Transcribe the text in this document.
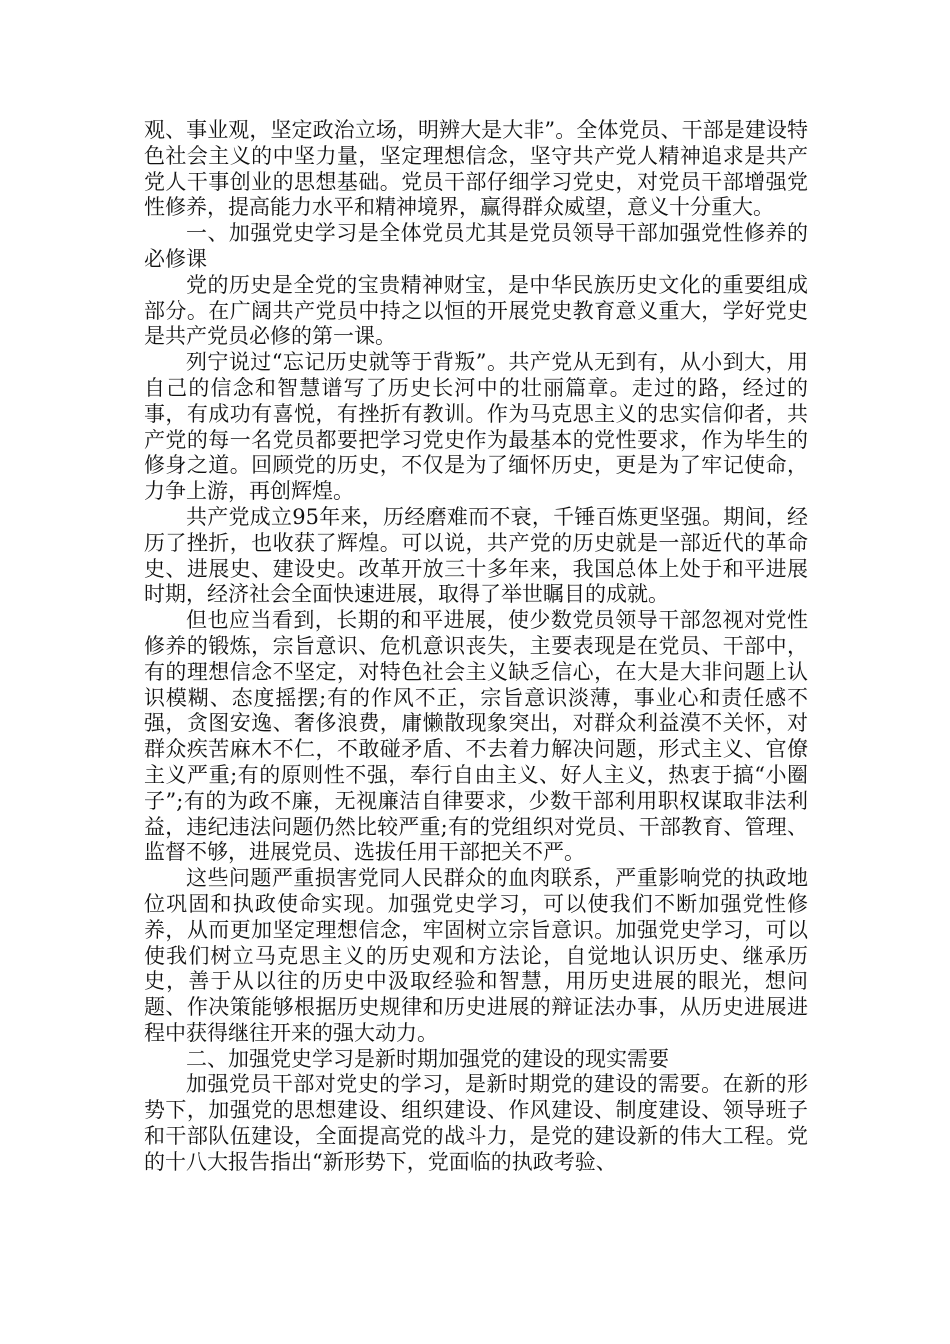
观、事业观，坚定政治立场，明辨大是大非”。全体党员、干部是建设特色社会主义的中坚力量，坚定理想信念，坚守共产党人精神追求是共产党人干事创业的思想基础。党员干部仔细学习党史，对党员干部增强党性修养，提高能力水平和精神境界，赢得群众威望，意义十分重大。

一、加强党史学习是全体党员尤其是党员领导干部加强党性修养的必修课

党的历史是全党的宝贵精神财宝，是中华民族历史文化的重要组成部分。在广阔共产党员中持之以恒的开展党史教育意义重大，学好党史是共产党员必修的第一课。

列宁说过“忘记历史就等于背叛”。共产党从无到有，从小到大，用自己的信念和智慧谱写了历史长河中的壮丽篇章。走过的路，经过的事，有成功有喜悦，有挫折有教训。作为马克思主义的忠实信仰者，共产党的每一名党员都要把学习党史作为最基本的党性要求，作为毕生的修身之道。回顾党的历史，不仅是为了缅怀历史，更是为了牢记使命，力争上游，再创辉煌。

共产党成立95年来，历经磨难而不衰，千锤百炼更坚强。期间，经历了挫折，也收获了辉煌。可以说，共产党的历史就是一部近代的革命史、进展史、建设史。改革开放三十多年来，我国总体上处于和平进展时期，经济社会全面快速进展，取得了举世瞩目的成就。

但也应当看到，长期的和平进展，使少数党员领导干部忽视对党性修养的锻炼，宗旨意识、危机意识丧失，主要表现是在党员、干部中，有的理想信念不坚定，对特色社会主义缺乏信心，在大是大非问题上认识模糊、态度摇摆;有的作风不正，宗旨意识淡薄，事业心和责任感不强，贪图安逸、奢侈浪费，庸懒散现象突出，对群众利益漠不关怀，对群众疾苦麻木不仁，不敢碰矛盾、不去着力解决问题，形式主义、官僚主义严重;有的原则性不强，奉行自由主义、好人主义，热衷于搞“小圈子”;有的为政不廉，无视廉洁自律要求，少数干部利用职权谋取非法利益，违纪违法问题仍然比较严重;有的党组织对党员、干部教育、管理、监督不够，进展党员、选拔任用干部把关不严。

这些问题严重损害党同人民群众的血肉联系，严重影响党的执政地位巩固和执政使命实现。加强党史学习，可以使我们不断加强党性修养，从而更加坚定理想信念，牢固树立宗旨意识。加强党史学习，可以使我们树立马克思主义的历史观和方法论，自觉地认识历史、继承历史，善于从以往的历史中汲取经验和智慧，用历史进展的眼光，想问题、作决策能够根据历史规律和历史进展的辩证法办事，从历史进展进程中获得继往开来的强大动力。

二、加强党史学习是新时期加强党的建设的现实需要

加强党员干部对党史的学习，是新时期党的建设的需要。在新的形势下，加强党的思想建设、组织建设、作风建设、制度建设、领导班子和干部队伍建设，全面提高党的战斗力，是党的建设新的伟大工程。党的十八大报告指出“新形势下，党面临的执政考验、
